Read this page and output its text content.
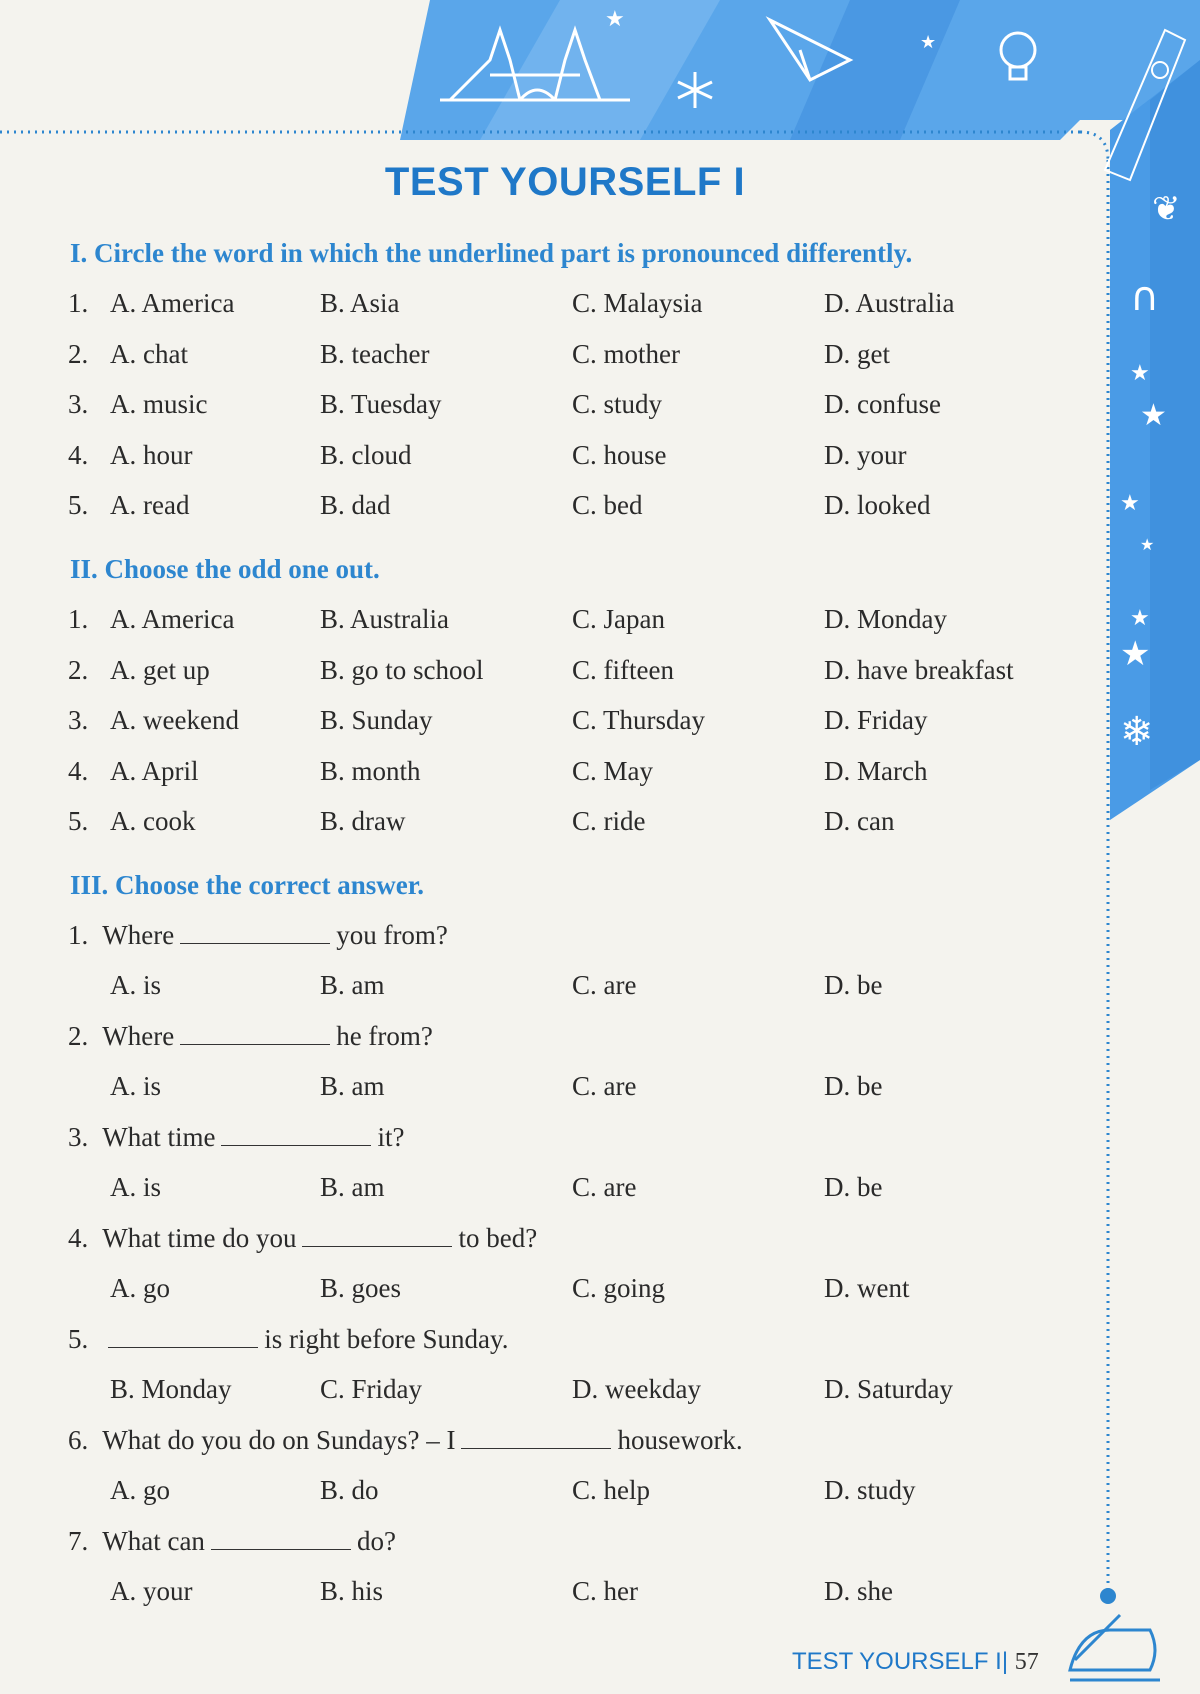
★
★
❦
∩
★
★
★
★
★
★
❄
TEST YOURSELF I
I. Circle the word in which the underlined part is pronounced differently.
1. A. America	B. Asia	C. Malaysia	D. Australia
2. A. chat	B. teacher	C. mother	D. get
3. A. music	B. Tuesday	C. study	D. confuse
4. A. hour	B. cloud	C. house	D. your
5. A. read	B. dad	C. bed	D. looked
II. Choose the odd one out.
1. A. America	B. Australia	C. Japan	D. Monday
2. A. get up	B. go to school	C. fifteen	D. have breakfast
3. A. weekend	B. Sunday	C. Thursday	D. Friday
4. A. April	B. month	C. May	D. March
5. A. cook	B. draw	C. ride	D. can
III. Choose the correct answer.
1. Where	you from?
A. is	B. am	C. are	D. be
2. Where	he from?
A. is	B. am	C. are	D. be
3. What time	it?
A. is	B. am	C. are	D. be
4. What time do you	to bed?
A. go	B. goes	C. going	D. went
5.	is right before Sunday.
B. Monday	C. Friday	D. weekday	D. Saturday
6. What do you do on Sundays? – I	housework.
A. go	B. do	C. help	D. study
7. What can	do?
A. your	B. his	C. her	D. she
TEST YOURSELF I| 57
